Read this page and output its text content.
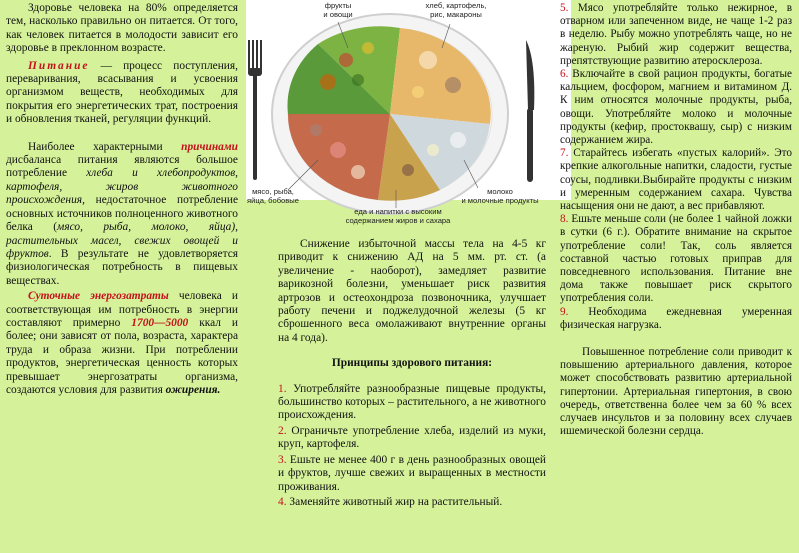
фрукты
и овощи
хлеб, картофель,
рис, макароны
мясо, рыба,
яйца, бобовые
молоко
и молочные продукты
еда и напитки с высоким
содержанием жиров и сахара

Здоровье человека на 80% определяется тем, насколько правильно он питается. От того, как человек питается в молодости зависит его здоровье в преклонном возрасте.

Питание — процесс поступления, переваривания, всасывания и усвоения организмом веществ, необходимых для покрытия его энергетических трат, построения и обновления тканей, регуляции функций.

Наиболее характерными причинами дисбаланса питания являются большое потребление хлеба и хлебопродуктов, картофеля, жиров животного происхождения, недостаточное потребление основных источников полноценного животного белка (мясо, рыба, молоко, яйца), растительных масел, свежих овощей и фруктов. В результате не удовлетворяется физиологическая потребность в пищевых веществах.

Суточные энергозатраты человека и соответствующая им потребность в энергии составляют примерно 1700—5000 ккал и более; они зависят от пола, возраста, характера труда и образа жизни. При потреблении продуктов, энергетическая ценность которых превышает энергозатраты организма, создаются условия для развития ожирения.

Снижение избыточной массы тела на 4-5 кг приводит к снижению АД на 5 мм. рт. ст. (а увеличение - наоборот), замедляет развитие варикозной болезни, уменьшает риск развития артрозов и остеохондроза позвоночника, улучшает работу печени и поджелудочной железы (5 кг сброшенного веса омолаживают внутренние органы на 4 года).

Принципы здорового питания:

1. Употребляйте разнообразные пищевые продукты, большинство которых – растительного, а не животного происхождения.

2. Ограничьте употребление хлеба, изделий из муки, круп, картофеля.

3. Ешьте не менее 400 г в день разнообразных овощей и фруктов, лучше свежих и выращенных в местности проживания.

4. Заменяйте животный жир на растительный.

5. Мясо употребляйте только нежирное, в отварном или запеченном виде, не чаще 1-2 раз в неделю. Рыбу можно употреблять чаще, но не жареную. Рыбий жир содержит вещества, препятствующие развитию атеросклероза.

6. Включайте в свой рацион продукты, богатые кальцием, фосфором, магнием и витамином Д. К ним относятся молочные продукты, рыба, овощи. Употребляйте молоко и молочные продукты (кефир, простоквашу, сыр) с низким содержанием жира.

7. Старайтесь избегать «пустых калорий». Это крепкие алкогольные напитки, сладости, густые соусы, подливки.Выбирайте продукты с низким и умеренным содержанием сахара. Чувства насыщения они не дают, а вес прибавляют.

8. Ешьте меньше соли (не более 1 чайной ложки в сутки (6 г.). Обратите внимание на скрытое употребление соли! Так, соль является составной частью готовых приправ для повседневного использования. Питание вне дома также повышает риск скрытого употребления соли.

9. Необходима ежедневная умеренная физическая нагрузка.

Повышенное потребление соли приводит к повышению артериального давления, которое может способствовать развитию артериальной гипертонии. Артериальная гипертония, в свою очередь, ответственна более чем за 60 % всех случаев инсультов и за половину всех случаев ишемической болезни сердца.
